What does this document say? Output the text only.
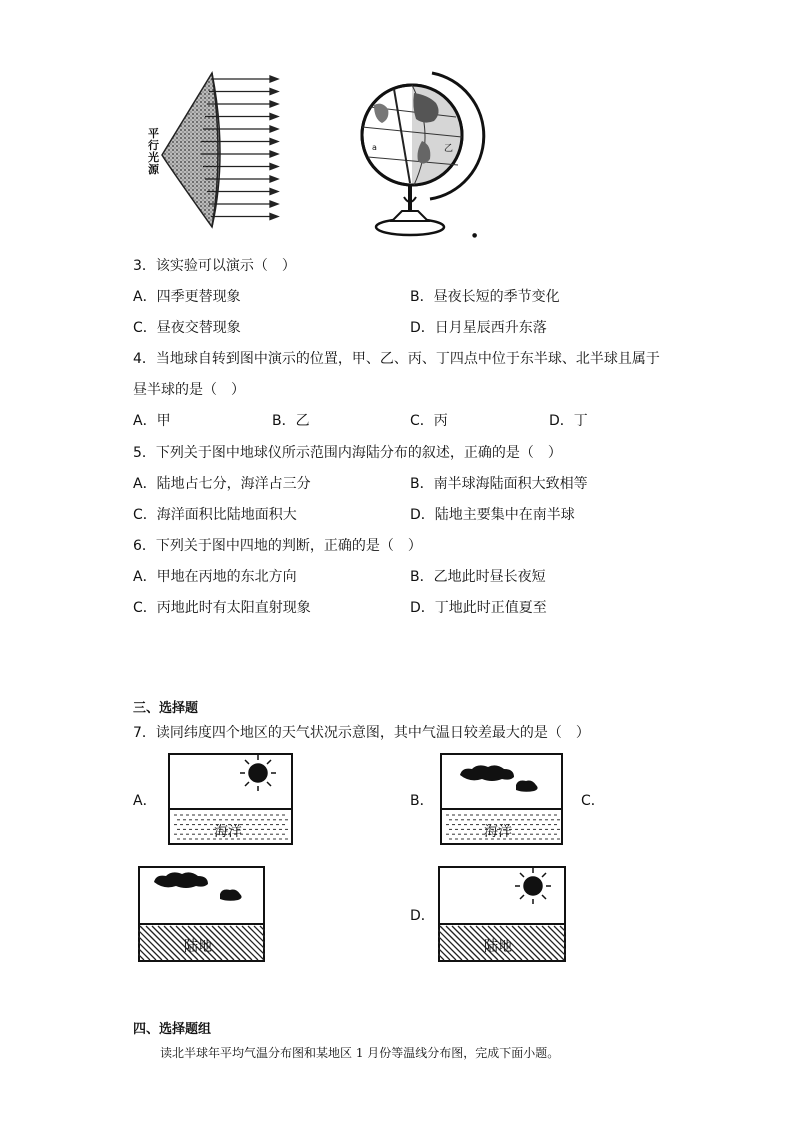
平行光源
乙
a
●
3．该实验可以演示（　）
A．四季更替现象	B．昼夜长短的季节变化
C．昼夜交替现象	D．日月星辰西升东落
4．当地球自转到图中演示的位置，甲、乙、丙、丁四点中位于东半球、北半球且属于
昼半球的是（　）
A．甲	B．乙	C．丙	D．丁
5．下列关于图中地球仪所示范围内海陆分布的叙述，正确的是（　）
A．陆地占七分，海洋占三分	B．南半球海陆面积大致相等
C．海洋面积比陆地面积大	D．陆地主要集中在南半球
6．下列关于图中四地的判断，正确的是（　）
A．甲地在丙地的东北方向	B．乙地此时昼长夜短
C．丙地此时有太阳直射现象	D．丁地此时正值夏至
三、选择题
7．读同纬度四个地区的天气状况示意图，其中气温日较差最大的是（　）
A．	B．	C．
D．
海洋	海洋
陆地	陆地
四、选择题组
读北半球年平均气温分布图和某地区 1 月份等温线分布图，完成下面小题。
